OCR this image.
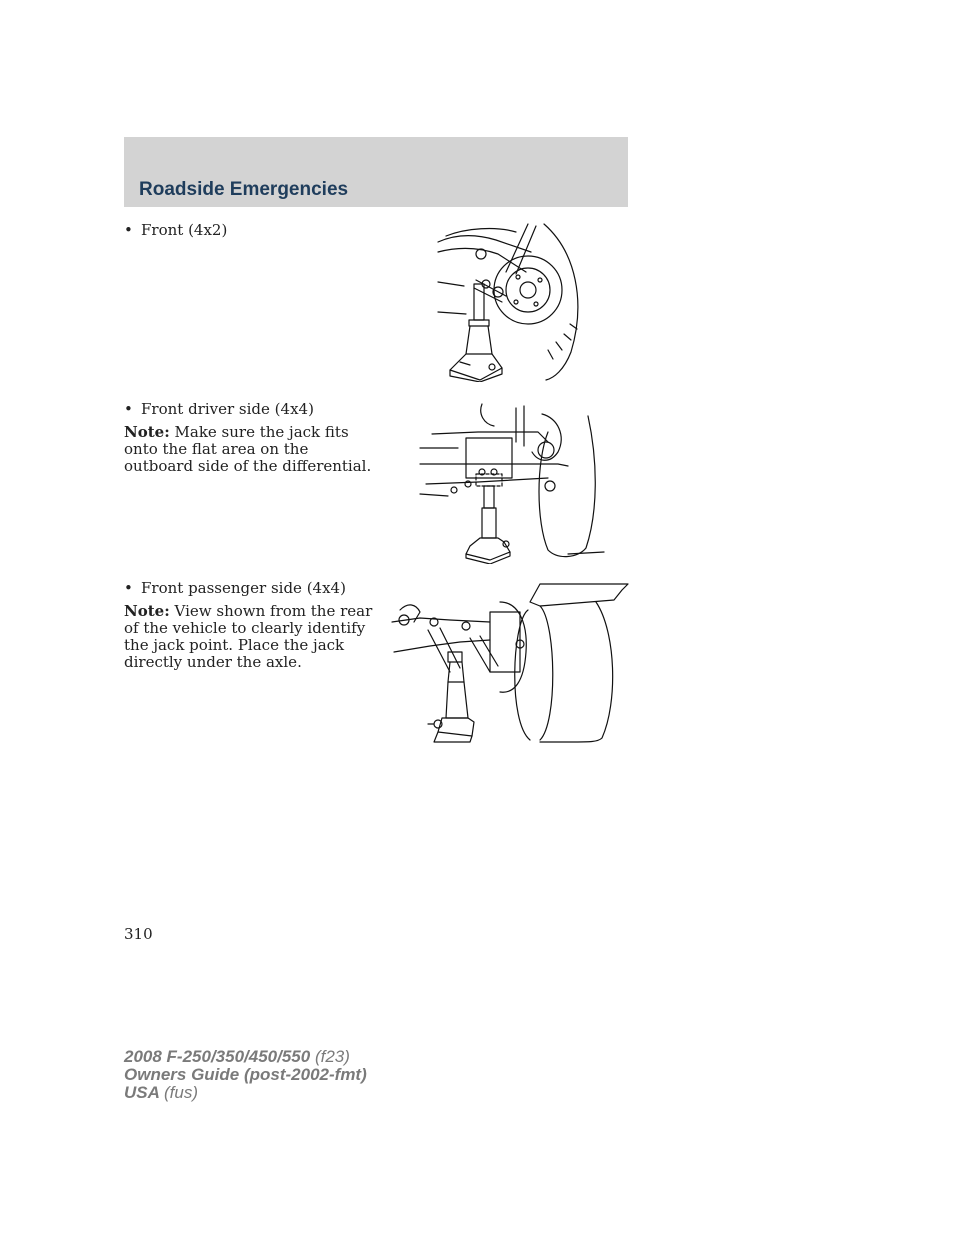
Roadside Emergencies
• Front (4x2)
• Front driver side (4x4)

Note: Make sure the jack fits onto the flat area on the outboard side of the differential.

• Front passenger side (4x4)

Note: View shown from the rear of the vehicle to clearly identify the jack point. Place the jack directly under the axle.

310
2008 F-250/350/450/550 (f23)
Owners Guide (post-2002-fmt)
USA (fus)
